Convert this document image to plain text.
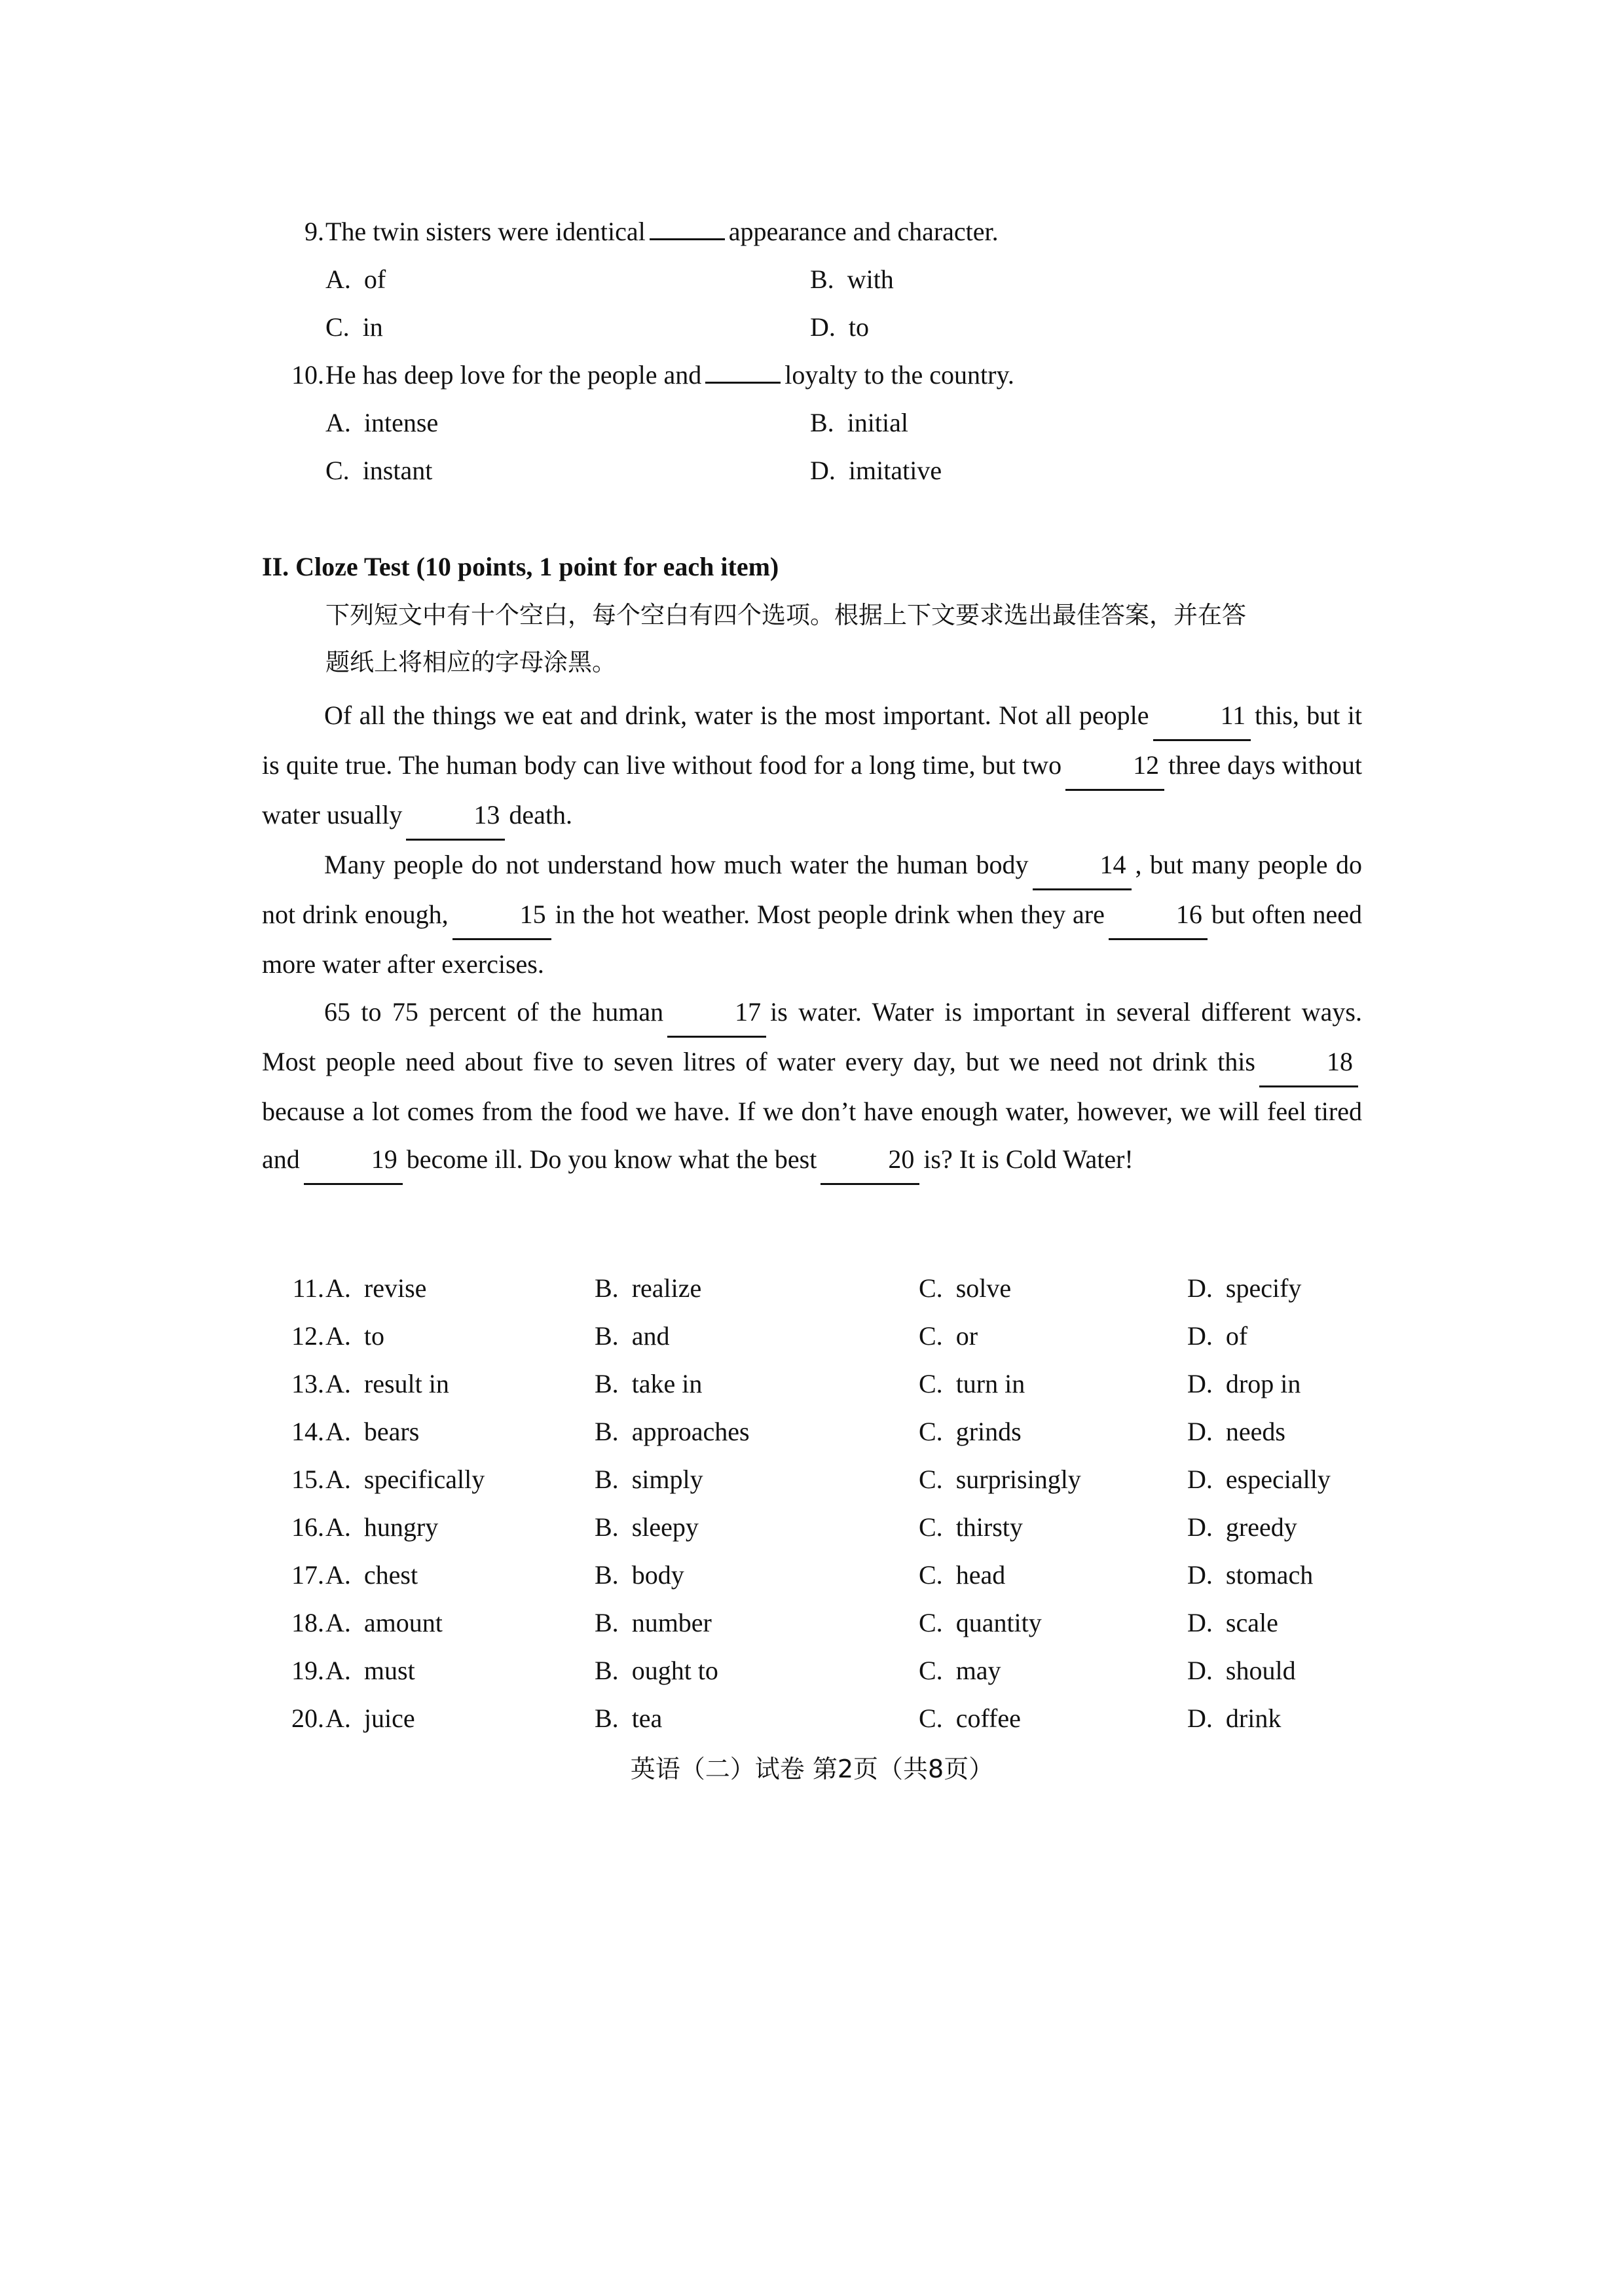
9. The twin sisters were identical	appearance and character.
A. of	B. with
C. in	D. to
10. He has deep love for the people and	loyalty to the country.
A. intense	B. initial
C. instant	D. imitative
II. Cloze Test (10 points, 1 point for each item)
下列短文中有十个空白，每个空白有四个选项。根据上下文要求选出最佳答案，并在答
题纸上将相应的字母涂黑。

Of all the things we eat and drink, water is the most important. Not all people	11 this, but it is quite true. The human body can live without food for a long time, but two	12 three days without water usually	13 death.

Many people do not understand how much water the human body	14 , but many people do not drink enough,	15 in the hot weather. Most people drink when they are	16 but often need more water after exercises.

65 to 75 percent of the human	17 is water. Water is important in several different ways. Most people need about five to seven litres of water every day, but we need not drink this	18because a lot comes from the food we have. If we don’t have enough water, however, we will feel tired and	19 become ill. Do you know what the best	20 is? It is Cold Water!

11. A. revise	B. realize	C. solve	D. specify
12. A. to	B. and	C. or	D. of
13. A. result in	B. take in	C. turn in	D. drop in
14. A. bears	B. approaches	C. grinds	D. needs
15. A. specifically	B. simply	C. surprisingly	D. especially
16. A. hungry	B. sleepy	C. thirsty	D. greedy
17. A. chest	B. body	C. head	D. stomach
18. A. amount	B. number	C. quantity	D. scale
19. A. must	B. ought to	C. may	D. should
20. A. juice	B. tea	C. coffee	D. drink
英语（二）试卷 第2页（共8页）
